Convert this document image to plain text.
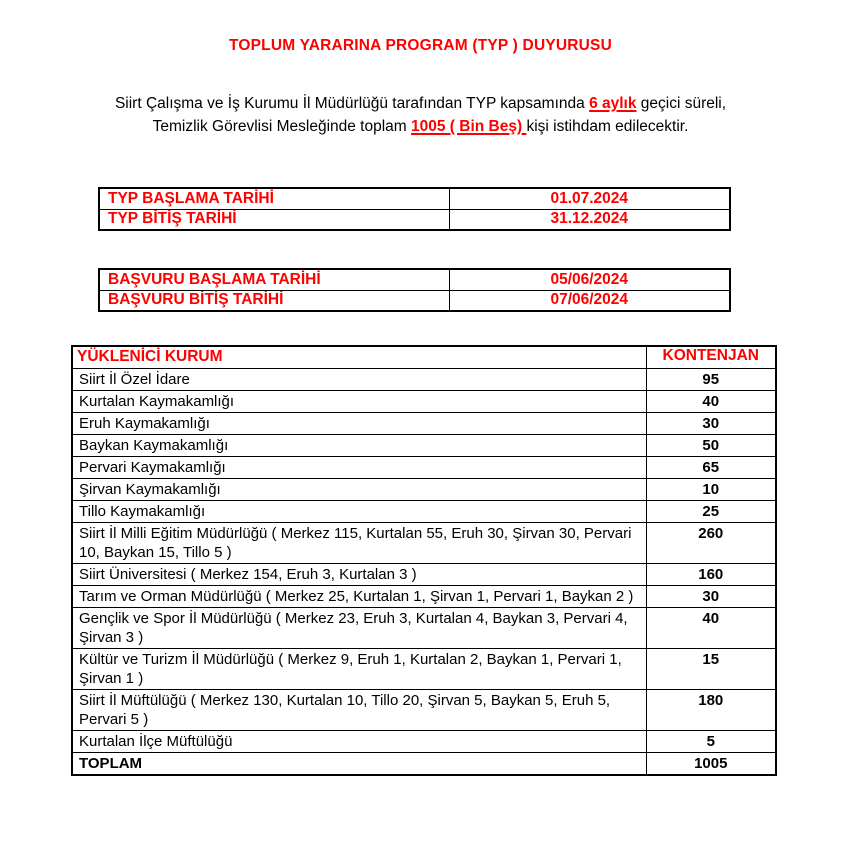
TOPLUM YARARINA PROGRAM (TYP ) DUYURUSU
Siirt Çalışma ve İş Kurumu İl Müdürlüğü tarafından TYP kapsamında 6 aylık geçici süreli,
Temizlik Görevlisi Mesleğinde toplam 1005 ( Bin Beş) kişi istihdam edilecektir.
TYP BAŞLAMA TARİHİ	01.07.2024
TYP BİTİŞ TARİHİ	31.12.2024
BAŞVURU BAŞLAMA TARİHİ	05/06/2024
BAŞVURU BİTİŞ TARİHİ	07/06/2024
YÜKLENİCİ KURUM	KONTENJAN
Siirt İl Özel İdare	95
Kurtalan Kaymakamlığı	40
Eruh Kaymakamlığı	30
Baykan Kaymakamlığı	50
Pervari Kaymakamlığı	65
Şirvan Kaymakamlığı	10
Tillo Kaymakamlığı	25
Siirt İl Milli Eğitim Müdürlüğü ( Merkez 115, Kurtalan 55, Eruh 30, Şirvan 30, Pervari 10, Baykan 15, Tillo 5 )	260
Siirt Üniversitesi ( Merkez 154, Eruh 3, Kurtalan 3 )	160
Tarım ve Orman Müdürlüğü ( Merkez 25, Kurtalan 1, Şirvan 1, Pervari 1, Baykan 2 )	30
Gençlik ve Spor İl Müdürlüğü ( Merkez 23, Eruh 3, Kurtalan 4, Baykan 3, Pervari 4, Şirvan 3 )	40
Kültür ve Turizm İl Müdürlüğü ( Merkez 9, Eruh 1, Kurtalan 2, Baykan 1, Pervari 1, Şirvan 1 )	15
Siirt İl Müftülüğü ( Merkez 130, Kurtalan 10, Tillo 20, Şirvan 5, Baykan 5, Eruh 5, Pervari 5 )	180
Kurtalan İlçe Müftülüğü	5
TOPLAM	1005
